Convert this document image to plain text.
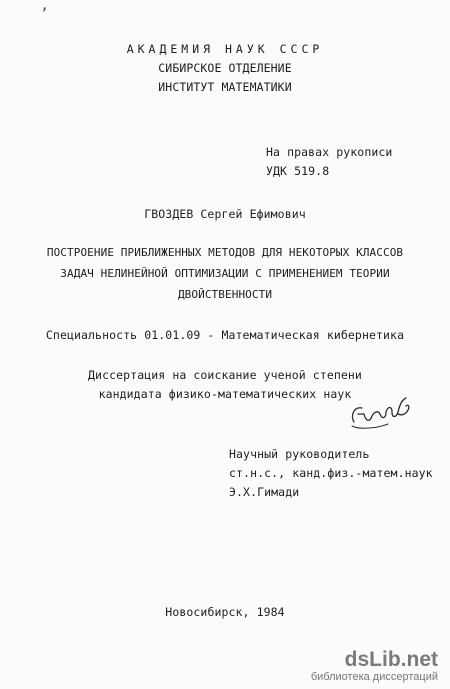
ʼ
АКАДЕМИЯ НАУК СССР
СИБИРСКОЕ ОТДЕЛЕНИЕ
ИНСТИТУТ МАТЕМАТИКИ
На правах рукописи
УДК 519.8
ГВОЗДЕВ Сергей Ефимович
ПОСТРОЕНИЕ ПРИБЛИЖЕННЫХ МЕТОДОВ ДЛЯ НЕКОТОРЫХ КЛАССОВ
ЗАДАЧ НЕЛИНЕЙНОЙ ОПТИМИЗАЦИИ С ПРИМЕНЕНИЕМ ТЕОРИИ
ДВОЙСТВЕННОСТИ
Специальность 01.01.09 - Математическая кибернетика
Диссертация на соискание ученой степени
кандидата физико-математических наук
Научный руководитель
ст.н.с., канд.физ.-матем.наук
Э.Х.Гимади
Новосибирск, 1984
dsLib.net
библиотека диссертаций
